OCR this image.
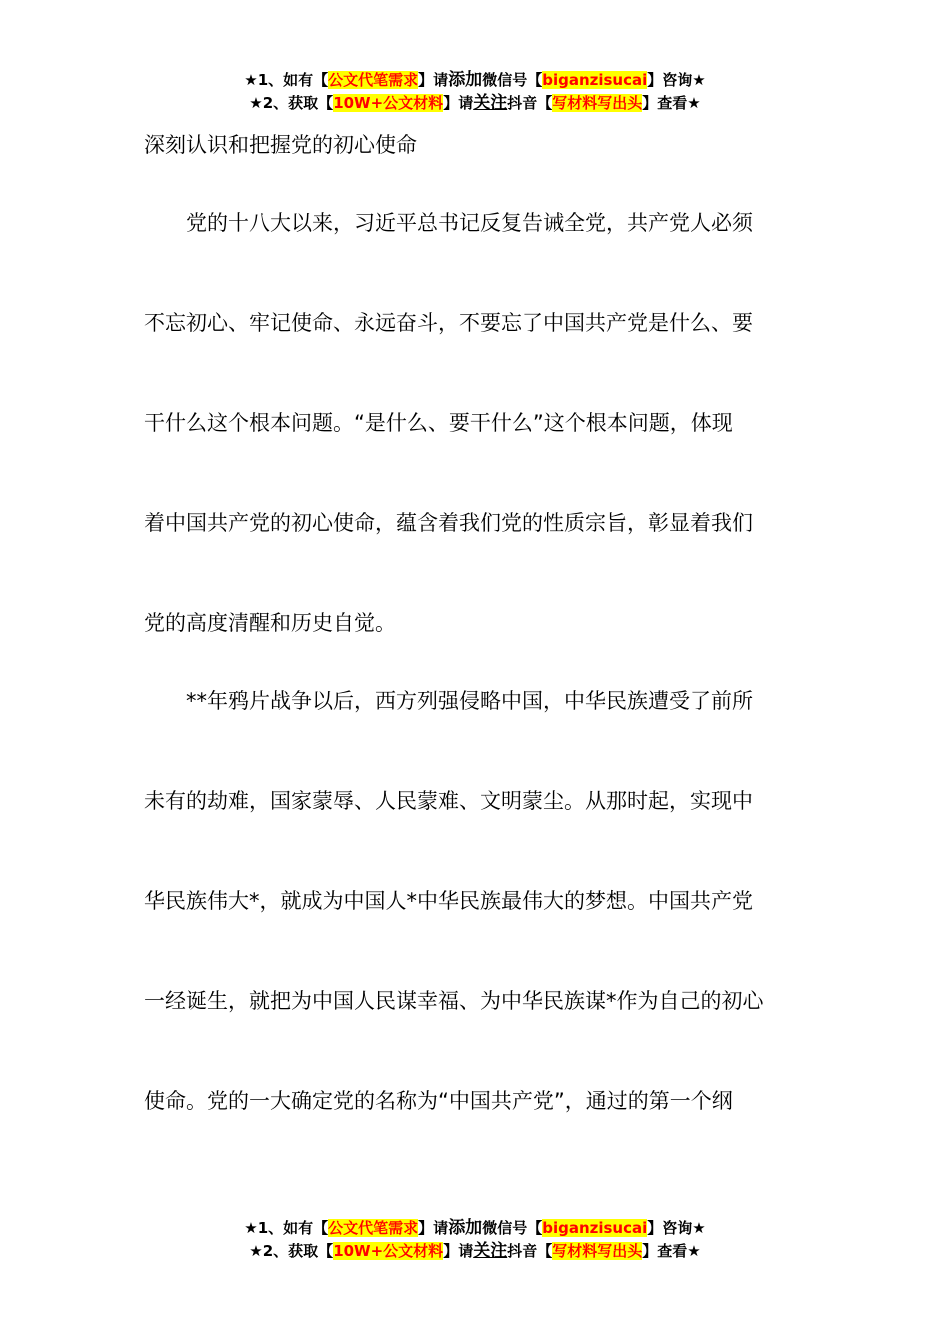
★1、如有【公文代笔需求】请添加微信号【biganzisucai】咨询★
★2、获取【10W+公文材料】请关注抖音【写材料写出头】查看★
深刻认识和把握党的初心使命
　　党的十八大以来，习近平总书记反复告诫全党，共产党人必须
不忘初心、牢记使命、永远奋斗，不要忘了中国共产党是什么、要
干什么这个根本问题。“是什么、要干什么”这个根本问题，体现
着中国共产党的初心使命，蕴含着我们党的性质宗旨，彰显着我们
党的高度清醒和历史自觉。
　　**年鸦片战争以后，西方列强侵略中国，中华民族遭受了前所
未有的劫难，国家蒙辱、人民蒙难、文明蒙尘。从那时起，实现中
华民族伟大*，就成为中国人*中华民族最伟大的梦想。中国共产党
一经诞生，就把为中国人民谋幸福、为中华民族谋*作为自己的初心
使命。党的一大确定党的名称为“中国共产党”，通过的第一个纲
★1、如有【公文代笔需求】请添加微信号【biganzisucai】咨询★
★2、获取【10W+公文材料】请关注抖音【写材料写出头】查看★
